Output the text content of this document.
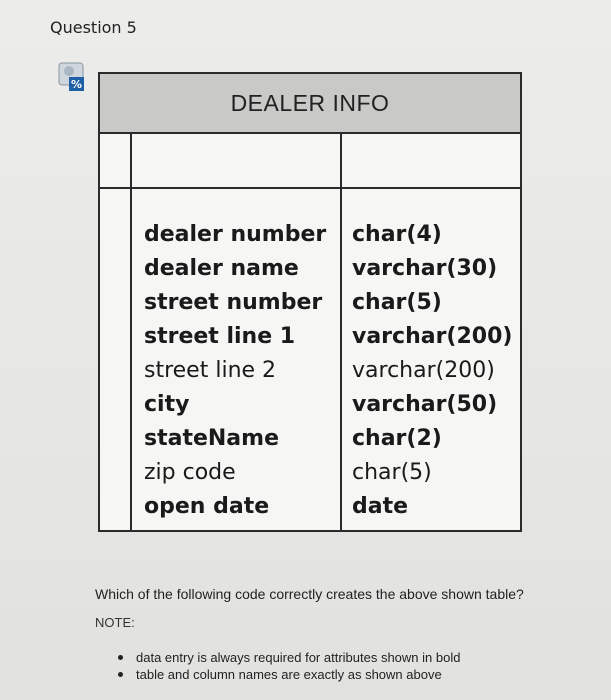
Question 5
%
DEALER INFO
dealer number
dealer name
street number
street line 1
street line 2
city
stateName
zip code
open date
char(4)
varchar(30)
char(5)
varchar(200)
varchar(200)
varchar(50)
char(2)
char(5)
date
Which of the following code correctly creates the above shown table?
NOTE:
data entry is always required for attributes shown in bold
table and column names are exactly as shown above
